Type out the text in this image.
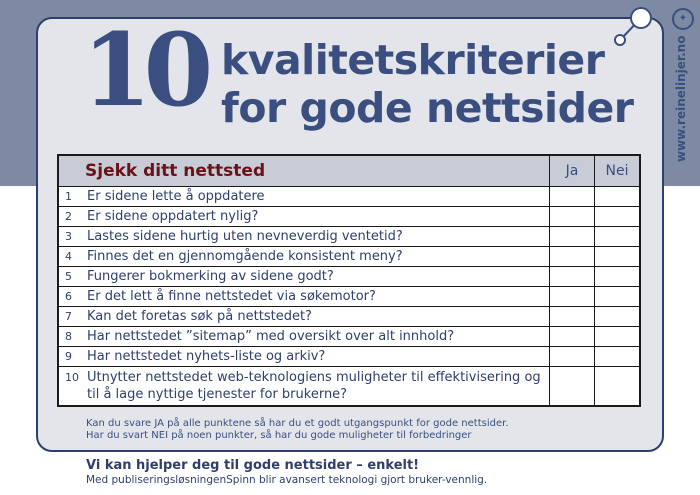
10 kvalitetskriterier
for gode nettsider
✦
www.reinelinjer.no
Sjekk ditt nettsted	Ja	Nei
1 Er sidene lette å oppdatere		
2 Er sidene oppdatert nylig?		
3 Lastes sidene hurtig uten nevneverdig ventetid?		
4 Finnes det en gjennomgående konsistent meny?		
5 Fungerer bokmerking av sidene godt?		
6 Er det lett å finne nettstedet via søkemotor?		
7 Kan det foretas søk på nettstedet?		
8 Har nettstedet ”sitemap” med oversikt over alt innhold?		
9 Har nettstedet nyhets-liste og arkiv?		

10 Utnytter nettstedet web-teknologiens muligheter til effektivisering og til å lage nyttige tjenester for brukerne?		

Kan du svare JA på alle punktene så har du et godt utgangspunkt for gode nettsider.
Har du svart NEI på noen punkter, så har du gode muligheter til forbedringer
Vi kan hjelper deg til gode nettsider – enkelt!
Med publiseringsløsningenSpinn blir avansert teknologi gjort bruker-vennlig.
